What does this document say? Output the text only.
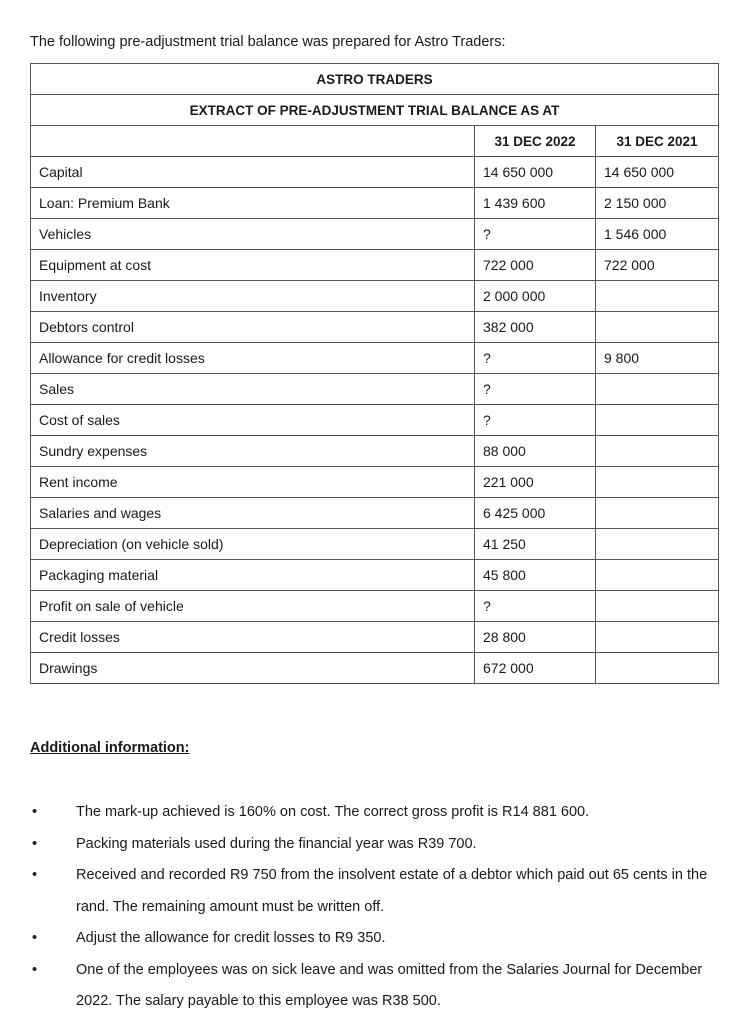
The following pre-adjustment trial balance was prepared for Astro Traders:
ASTRO TRADERS		
EXTRACT OF PRE-ADJUSTMENT TRIAL BALANCE AS AT		
	31 DEC 2022	31 DEC 2021
Capital	14 650 000	14 650 000
Loan: Premium Bank	1 439 600	2 150 000
Vehicles	?	1 546 000
Equipment at cost	722 000	722 000
Inventory	2 000 000	
Debtors control	382 000	
Allowance for credit losses	?	9 800
Sales	?	
Cost of sales	?	
Sundry expenses	88 000	
Rent income	221 000	
Salaries and wages	6 425 000	
Depreciation (on vehicle sold)	41 250	
Packaging material	45 800	
Profit on sale of vehicle	?	
Credit losses	28 800	
Drawings	672 000	
Additional information:
•	The mark-up achieved is 160% on cost. The correct gross profit is R14 881 600.
•	Packing materials used during the financial year was R39 700.
•	Received and recorded R9 750 from the insolvent estate of a debtor which paid out 65 cents in the rand. The remaining amount must be written off.
•	Adjust the allowance for credit losses to R9 350.
•	One of the employees was on sick leave and was omitted from the Salaries Journal for December 2022. The salary payable to this employee was R38 500.
